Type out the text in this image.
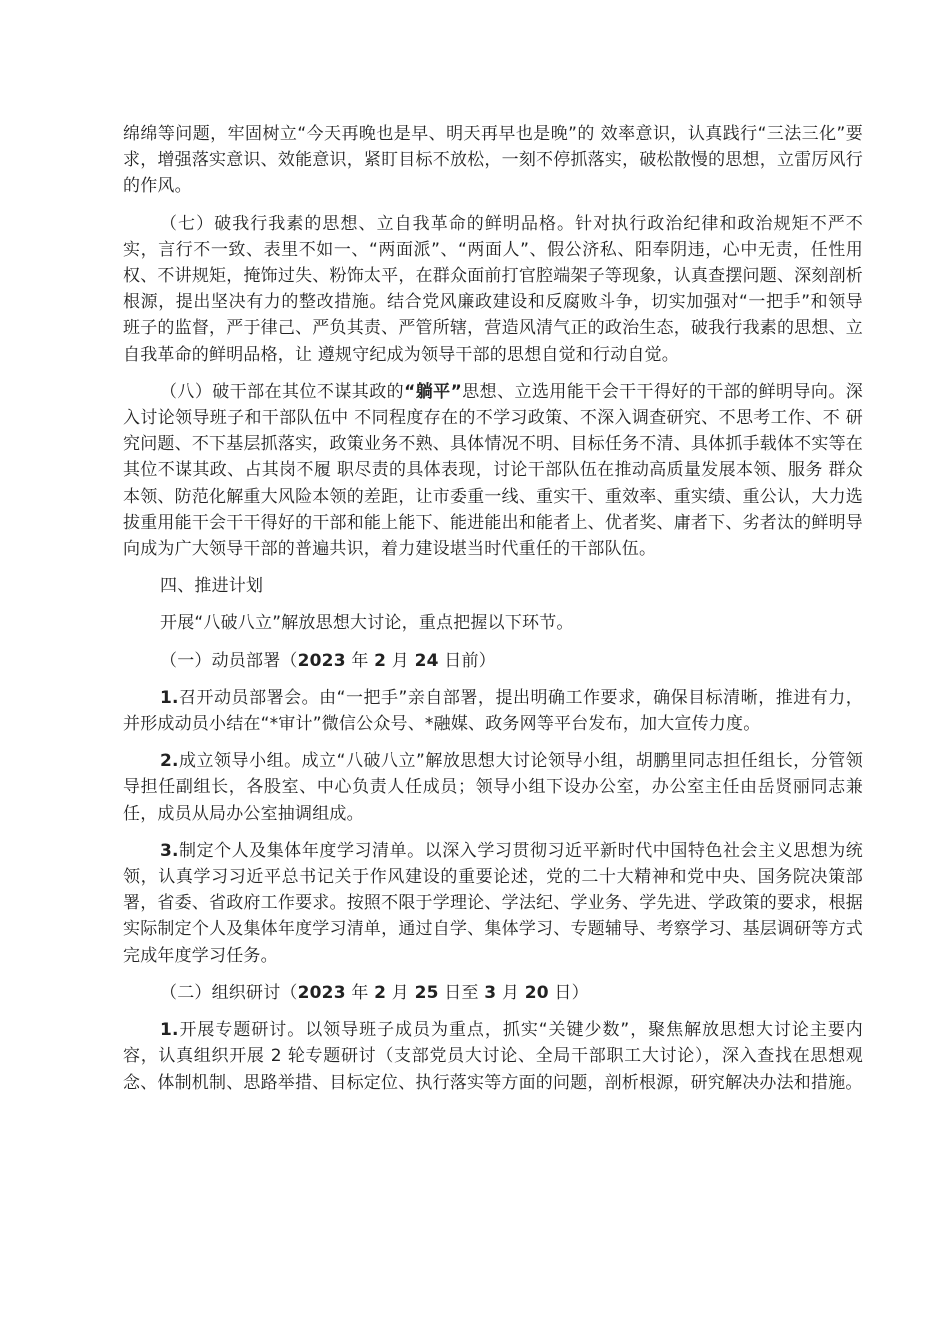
绵绵等问题，牢固树立“今天再晚也是早、明天再早也是晚”的 效率意识，认真践行“三法三化”要求，增强落实意识、效能意识，紧盯目标不放松，一刻不停抓落实，破松散慢的思想，立雷厉风行的作风。

（七）破我行我素的思想、立自我革命的鲜明品格。针对执行政治纪律和政治规矩不严不实，言行不一致、表里不如一、“两面派”、“两面人”、假公济私、阳奉阴违，心中无责，任性用权、不讲规矩，掩饰过失、粉饰太平，在群众面前打官腔端架子等现象，认真查摆问题、深刻剖析根源，提出坚决有力的整改措施。结合党风廉政建设和反腐败斗争，切实加强对“一把手”和领导班子的监督，严于律己、严负其责、严管所辖，营造风清气正的政治生态，破我行我素的思想、立自我革命的鲜明品格，让 遵规守纪成为领导干部的思想自觉和行动自觉。

（八）破干部在其位不谋其政的“躺平”思想、立选用能干会干干得好的干部的鲜明导向。深入讨论领导班子和干部队伍中 不同程度存在的不学习政策、不深入调查研究、不思考工作、不 研究问题、不下基层抓落实，政策业务不熟、具体情况不明、目标任务不清、具体抓手载体不实等在其位不谋其政、占其岗不履 职尽责的具体表现，讨论干部队伍在推动高质量发展本领、服务 群众本领、防范化解重大风险本领的差距，让市委重一线、重实干、重效率、重实绩、重公认，大力选拔重用能干会干干得好的干部和能上能下、能进能出和能者上、优者奖、庸者下、劣者汰的鲜明导向成为广大领导干部的普遍共识，着力建设堪当时代重任的干部队伍。

四、推进计划

开展“八破八立”解放思想大讨论，重点把握以下环节。

（一）动员部署（2023 年 2 月 24 日前）

1.召开动员部署会。由“一把手”亲自部署，提出明确工作要求，确保目标清晰，推进有力，并形成动员小结在“*审计”微信公众号、*融媒、政务网等平台发布，加大宣传力度。

2.成立领导小组。成立“八破八立”解放思想大讨论领导小组，胡鹏里同志担任组长，分管领导担任副组长，各股室、中心负责人任成员；领导小组下设办公室，办公室主任由岳贤丽同志兼任，成员从局办公室抽调组成。

3.制定个人及集体年度学习清单。以深入学习贯彻习近平新时代中国特色社会主义思想为统领，认真学习习近平总书记关于作风建设的重要论述，党的二十大精神和党中央、国务院决策部署，省委、省政府工作要求。按照不限于学理论、学法纪、学业务、学先进、学政策的要求，根据实际制定个人及集体年度学习清单，通过自学、集体学习、专题辅导、考察学习、基层调研等方式完成年度学习任务。

（二）组织研讨（2023 年 2 月 25 日至 3 月 20 日）

1.开展专题研讨。以领导班子成员为重点，抓实“关键少数”，聚焦解放思想大讨论主要内容，认真组织开展 2 轮专题研讨（支部党员大讨论、全局干部职工大讨论），深入查找在思想观念、体制机制、思路举措、目标定位、执行落实等方面的问题，剖析根源，研究解决办法和措施。
